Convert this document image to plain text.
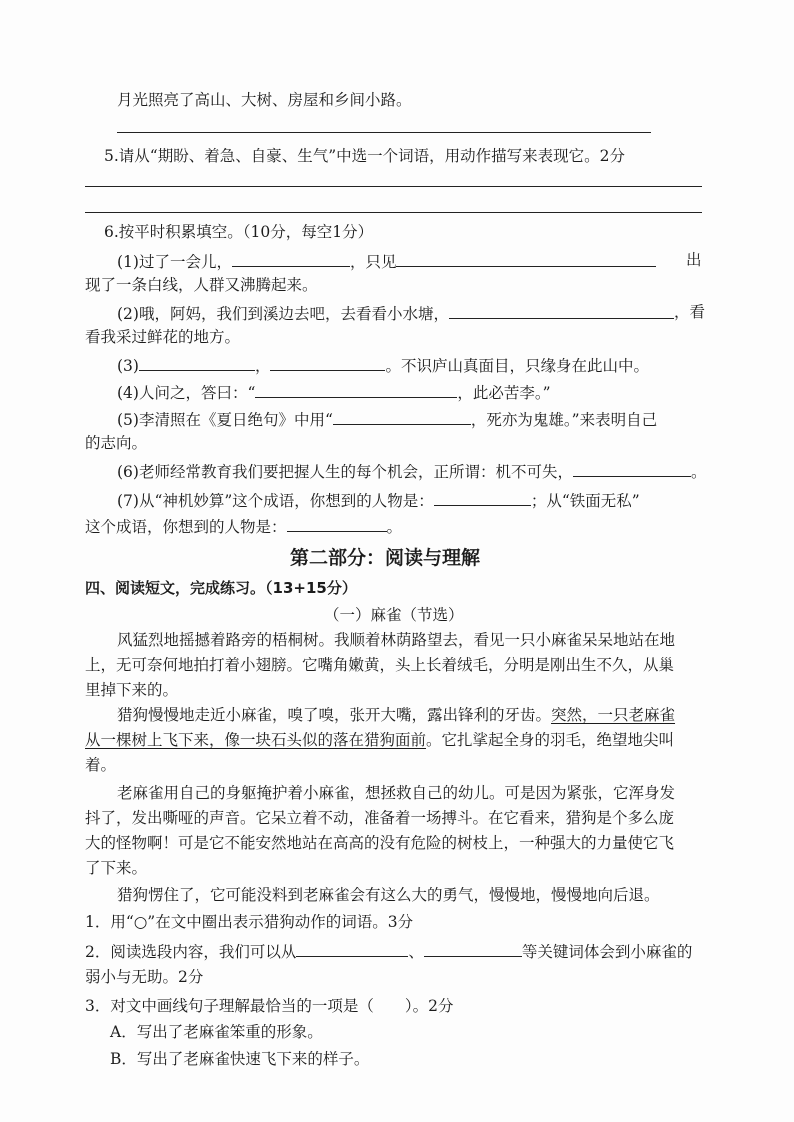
月光照亮了高山、大树、房屋和乡间小路。
5.请从“期盼、着急、自豪、生气”中选一个词语，用动作描写来表现它。2分
6.按平时积累填空。（10分，每空1分）
(1)过了一会儿，	，只见	出
现了一条白线，人群又沸腾起来。
(2)哦，阿妈，我们到溪边去吧，去看看小水塘，	，看
看我采过鲜花的地方。
(3)	，	。不识庐山真面目，只缘身在此山中。
(4)人问之，答曰：“	，此必苦李。”
(5)李清照在《夏日绝句》中用“	，死亦为鬼雄。”来表明自己
的志向。
(6)老师经常教育我们要把握人生的每个机会，正所谓：机不可失，	。
(7)从“神机妙算”这个成语，你想到的人物是：	；从“铁面无私”
这个成语，你想到的人物是：	。
第二部分：阅读与理解
四、阅读短文，完成练习。（13+15分）
（一）麻雀（节选）
风猛烈地摇撼着路旁的梧桐树。我顺着林荫路望去，看见一只小麻雀呆呆地站在地
上，无可奈何地拍打着小翅膀。它嘴角嫩黄，头上长着绒毛，分明是刚出生不久，从巢
里掉下来的。
猎狗慢慢地走近小麻雀，嗅了嗅，张开大嘴，露出锋利的牙齿。突然，一只老麻雀
从一棵树上飞下来，像一块石头似的落在猎狗面前。它扎挲起全身的羽毛，绝望地尖叫
着。
老麻雀用自己的身躯掩护着小麻雀，想拯救自己的幼儿。可是因为紧张，它浑身发
抖了，发出嘶哑的声音。它呆立着不动，准备着一场搏斗。在它看来，猎狗是个多么庞
大的怪物啊！可是它不能安然地站在高高的没有危险的树枝上，一种强大的力量使它飞
了下来。
猎狗愣住了，它可能没料到老麻雀会有这么大的勇气，慢慢地，慢慢地向后退。
1．用“○”在文中圈出表示猎狗动作的词语。3分
2．阅读选段内容，我们可以从	、	等关键词体会到小麻雀的
弱小与无助。2分
3．对文中画线句子理解最恰当的一项是（　　）。2分
A．写出了老麻雀笨重的形象。
B．写出了老麻雀快速飞下来的样子。
